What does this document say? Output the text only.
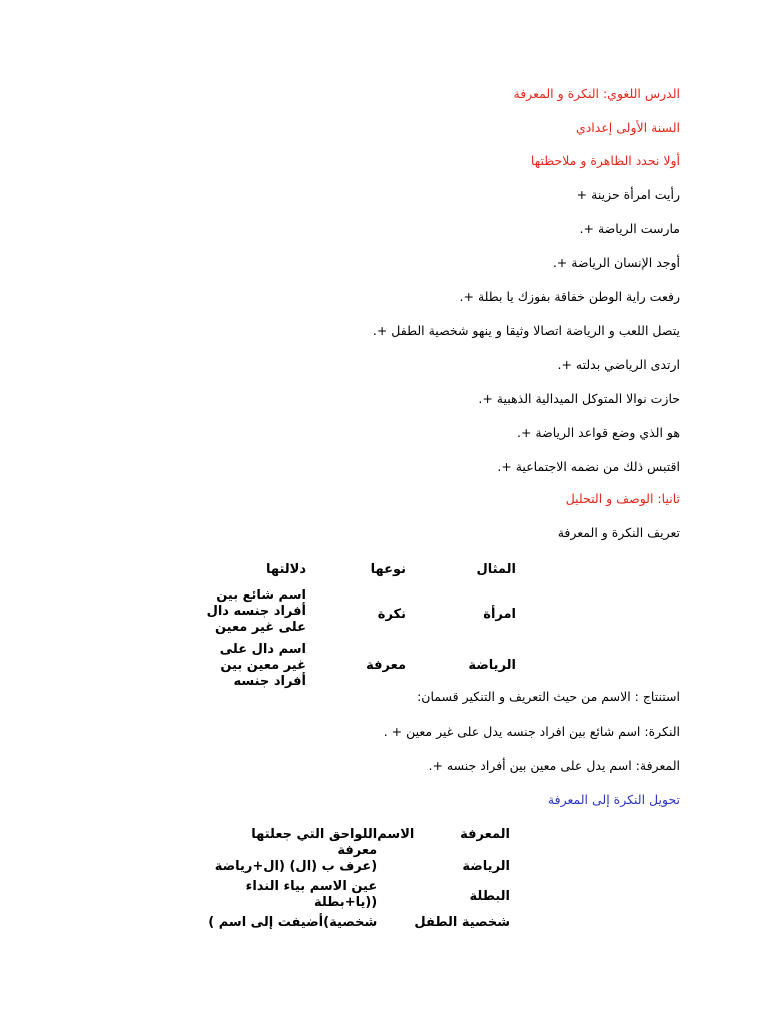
الدرس اللغوي: النكرة و المعرفة
السنة الأولى إعدادي
أولا نحدد الظاهرة و ملاحظتها
رأيت امرأة حزينة +
مارست الرياضة +.
أوجد الإنسان الرياضة +.
رفعت راية الوطن خفاقة بفوزك يا بطلة +.
يتصل اللعب و الرياضة اتصالا وثيقا و ينهو شخصية الطفل +.
ارتدى الرياضي بدلته +.
حازت نوالا المتوكل الميدالية الذهبية +.
هو الذي وضع قواعد الرياضة +.
اقتبس ذلك من نضمه الاجتماعية +.
ثانيا: الوصف و التحليل
تعريف النكرة و المعرفة
المثال	نوعها	دلالتها
امرأة	نكرة	اسم شائع بين أفراد جنسه دال على غير معين
الرياضة	معرفة	اسم دال على غير معين بين أفراد جنسه
استنتاج : الاسم من حيث التعريف و التنكير قسمان:
النكرة: اسم شائع بين افراد جنسه يدل على غير معين + .
المعرفة: اسم يدل على معين بين أفراد جنسه +.
تحويل النكرة إلى المعرفة
المعرفة	الاسم	اللواحق التي جعلتها معرفة
الرياضة		(عرف ب (ال) (ال+رياضة
البطلة		عين الاسم بياء النداء ((يا+بطلة
شخصية الطفل		شخصية)أضيفت إلى اسم )
